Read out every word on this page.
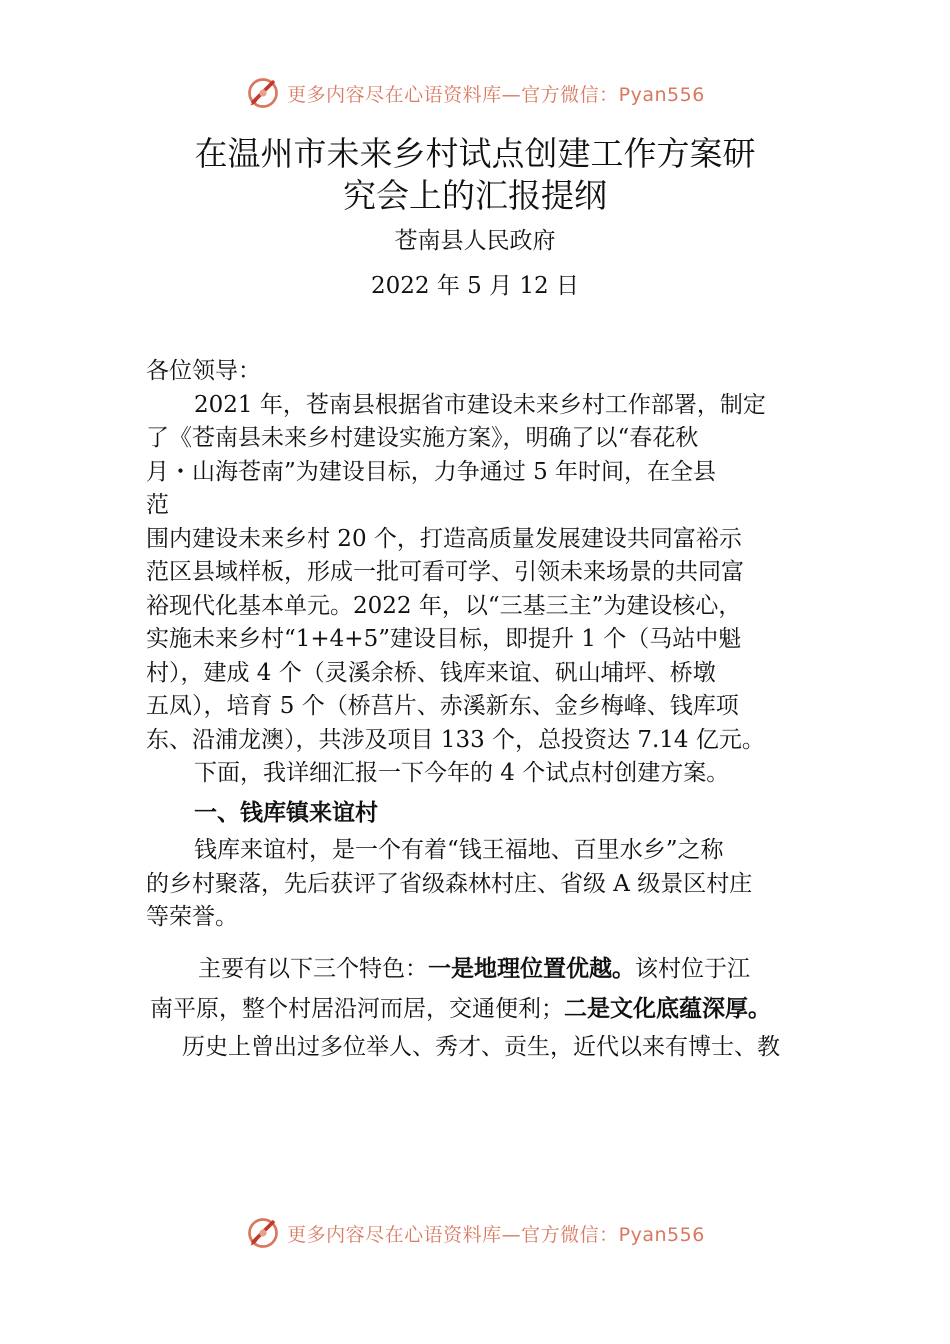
更多内容尽在心语资料库—官方微信：Pyan556
在温州市未来乡村试点创建工作方案研
究会上的汇报提纲
苍南县人民政府
2022 年 5 月 12 日

各位领导：

2021 年，苍南县根据省市建设未来乡村工作部署，制定
了《苍南县未来乡村建设实施方案》，明确了以“春花秋
月・山海苍南”为建设目标，力争通过 5 年时间，在全县
范
围内建设未来乡村 20 个，打造高质量发展建设共同富裕示
范区县域样板，形成一批可看可学、引领未来场景的共同富
裕现代化基本单元。2022 年，以“三基三主”为建设核心，
实施未来乡村“1+4+5”建设目标，即提升 1 个（马站中魁
村），建成 4 个（灵溪余桥、钱库来谊、矾山埔坪、桥墩
五凤），培育 5 个（桥莒片、赤溪新东、金乡梅峰、钱库项
东、沿浦龙澳），共涉及项目 133 个，总投资达 7.14 亿元。

下面，我详细汇报一下今年的 4 个试点村创建方案。

一、钱库镇来谊村

钱库来谊村，是一个有着“钱王福地、百里水乡”之称
的乡村聚落，先后获评了省级森林村庄、省级 A 级景区村庄
等荣誉。
主要有以下三个特色：一是地理位置优越。该村位于江
南平原，整个村居沿河而居，交通便利；二是文化底蕴深厚。

历史上曾出过多位举人、秀才、贡生，近代以来有博士、教

更多内容尽在心语资料库—官方微信：Pyan556
